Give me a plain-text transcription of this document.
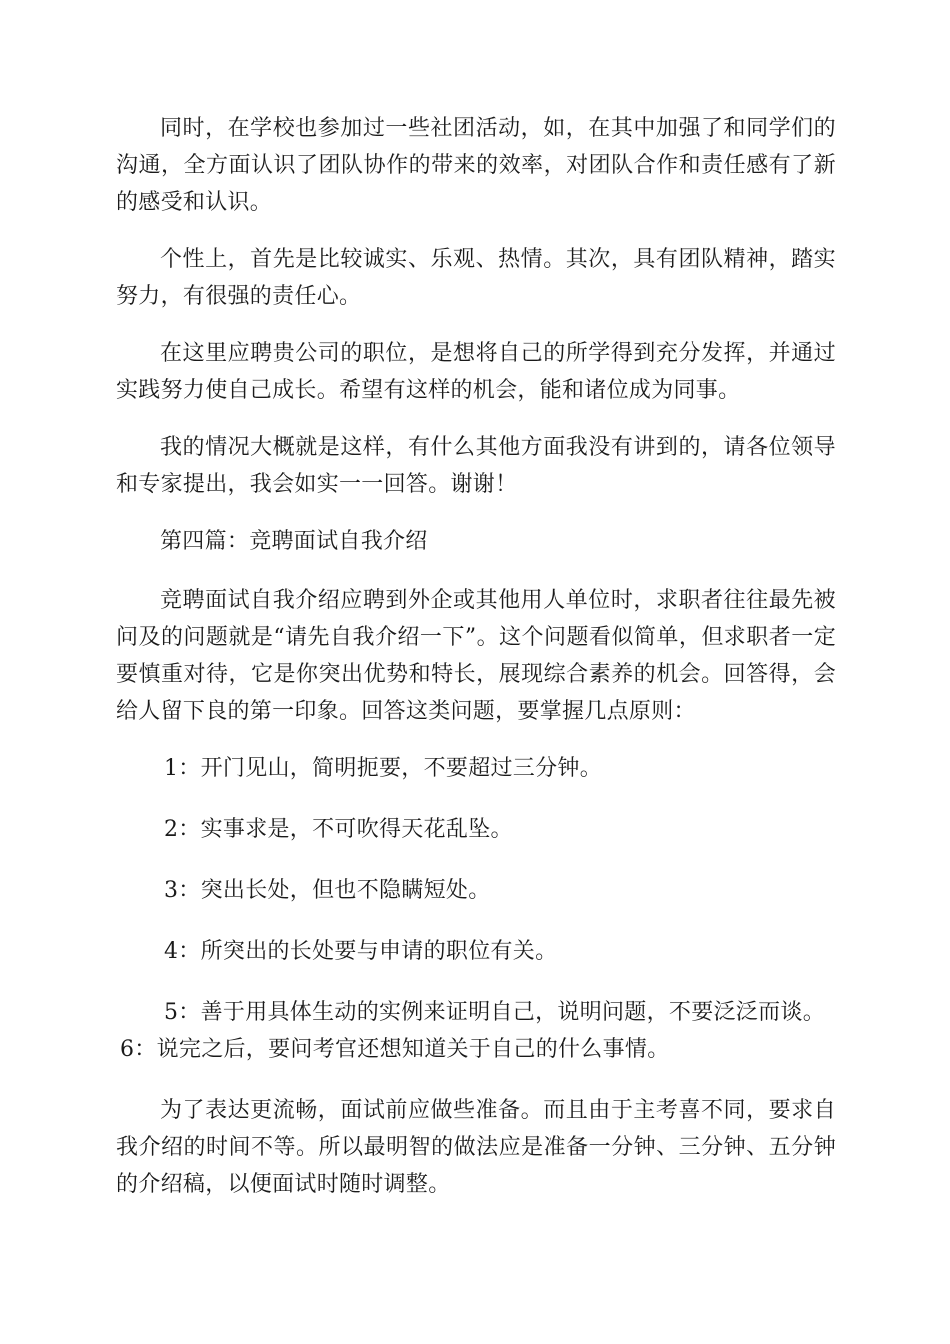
同时，在学校也参加过一些社团活动，如，在其中加强了和同学们的沟通，全方面认识了团队协作的带来的效率，对团队合作和责任感有了新的感受和认识。

个性上，首先是比较诚实、乐观、热情。其次，具有团队精神，踏实努力，有很强的责任心。

在这里应聘贵公司的职位，是想将自己的所学得到充分发挥，并通过实践努力使自己成长。希望有这样的机会，能和诸位成为同事。

我的情况大概就是这样，有什么其他方面我没有讲到的，请各位领导和专家提出，我会如实一一回答。谢谢！

第四篇：竞聘面试自我介绍

竞聘面试自我介绍应聘到外企或其他用人单位时，求职者往往最先被问及的问题就是“请先自我介绍一下”。这个问题看似简单，但求职者一定要慎重对待，它是你突出优势和特长，展现综合素养的机会。回答得，会给人留下良的第一印象。回答这类问题，要掌握几点原则：

1：开门见山，简明扼要，不要超过三分钟。

2：实事求是，不可吹得天花乱坠。

3：突出长处，但也不隐瞒短处。

4：所突出的长处要与申请的职位有关。

5：善于用具体生动的实例来证明自己，说明问题，不要泛泛而谈。

6：说完之后，要问考官还想知道关于自己的什么事情。

为了表达更流畅，面试前应做些准备。而且由于主考喜不同，要求自我介绍的时间不等。所以最明智的做法应是准备一分钟、三分钟、五分钟的介绍稿，以便面试时随时调整。
